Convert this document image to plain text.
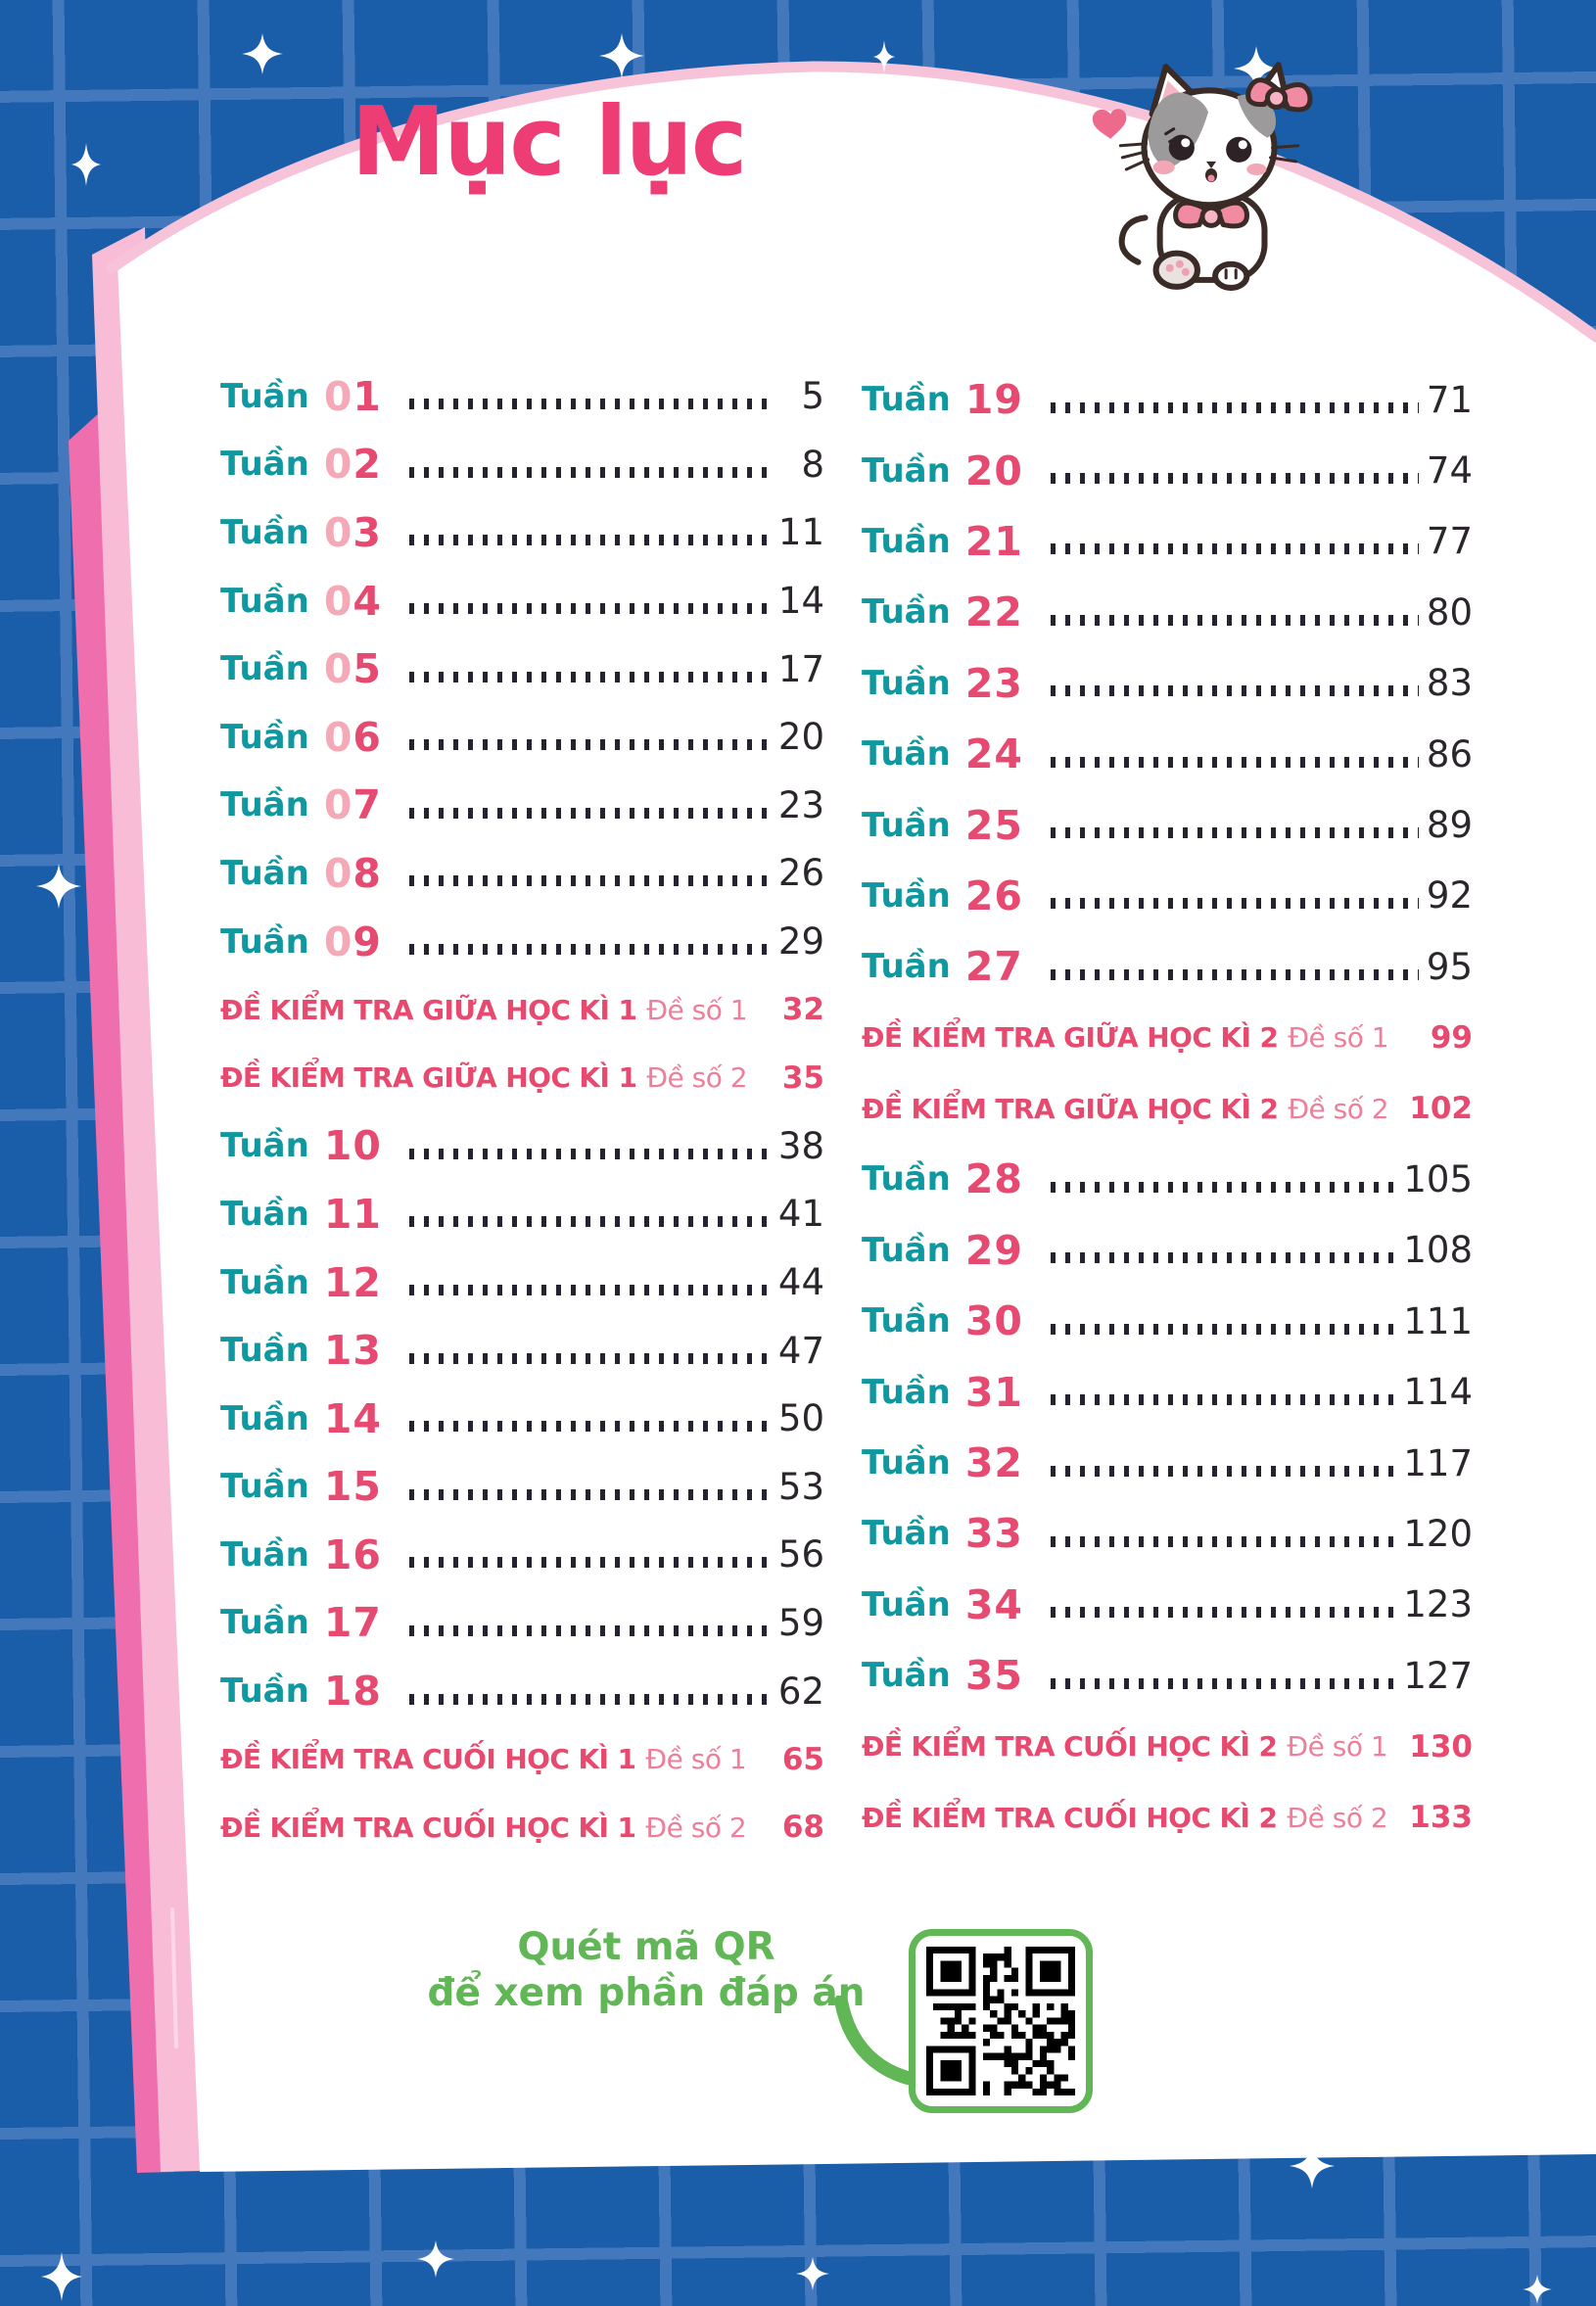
Mục lục
Tuần 01	5
Tuần 02	8
Tuần 03	11
Tuần 04	14
Tuần 05	17
Tuần 06	20
Tuần 07	23
Tuần 08	26
Tuần 09	29
ĐỀ KIỂM TRA GIỮA HỌC KÌ 1 Đề số 1 32
ĐỀ KIỂM TRA GIỮA HỌC KÌ 1 Đề số 2 35
Tuần 10	38
Tuần 11	41
Tuần 12	44
Tuần 13	47
Tuần 14	50
Tuần 15	53
Tuần 16	56
Tuần 17	59
Tuần 18	62
ĐỀ KIỂM TRA CUỐI HỌC KÌ 1 Đề số 1 65
ĐỀ KIỂM TRA CUỐI HỌC KÌ 1 Đề số 2 68
Tuần 19	71
Tuần 20	74
Tuần 21	77
Tuần 22	80
Tuần 23	83
Tuần 24	86
Tuần 25	89
Tuần 26	92
Tuần 27	95
ĐỀ KIỂM TRA GIỮA HỌC KÌ 2 Đề số 1 99
ĐỀ KIỂM TRA GIỮA HỌC KÌ 2 Đề số 2 102
Tuần 28	105
Tuần 29	108
Tuần 30	111
Tuần 31	114
Tuần 32	117
Tuần 33	120
Tuần 34	123
Tuần 35	127
ĐỀ KIỂM TRA CUỐI HỌC KÌ 2 Đề số 1 130
ĐỀ KIỂM TRA CUỐI HỌC KÌ 2 Đề số 2 133
Quét mã QR
để xem phần đáp án
